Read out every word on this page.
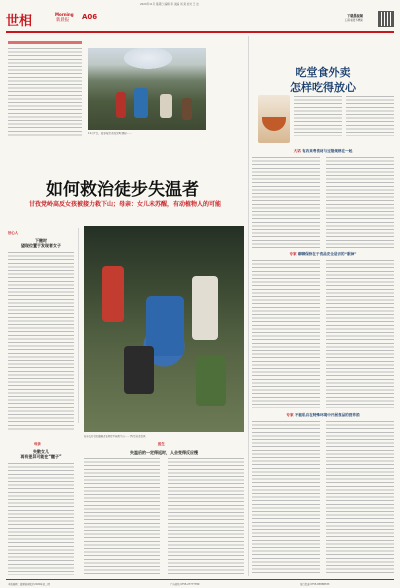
2020年11月 星期日 编辑 李 美编 刘 爽 校对 王 洁
世相	Morning
新晨报 A06	下载晨视频
扫码看更多精彩
11月7日，徒步爱好者在党岭遇险……
如何救治徒步失温者
甘孜党岭高反女孩被接力救下山；母亲：女儿未苏醒，有动植物人的可能
好心人
下撤时
望现位置于发现者女子
徒步爱好者的遇难者在救援中被救下山…… 图/受访者提供
母亲
失散女儿
再有差异可能在“醒子”
医生
失温后的一定得返时，人会变得反应慢
吃堂食外卖
怎样吃得放心
大话 有店来粤食材与过错规格在一起
专家 聊聊保持在于食品安全是否的“眼神”
专家 不能私自在特殊环境中开展食品的营养消
本版编辑：蓝颖新闻报社2020年第二期	广告热线 0755-27777780	发行投递 0755-83888333
